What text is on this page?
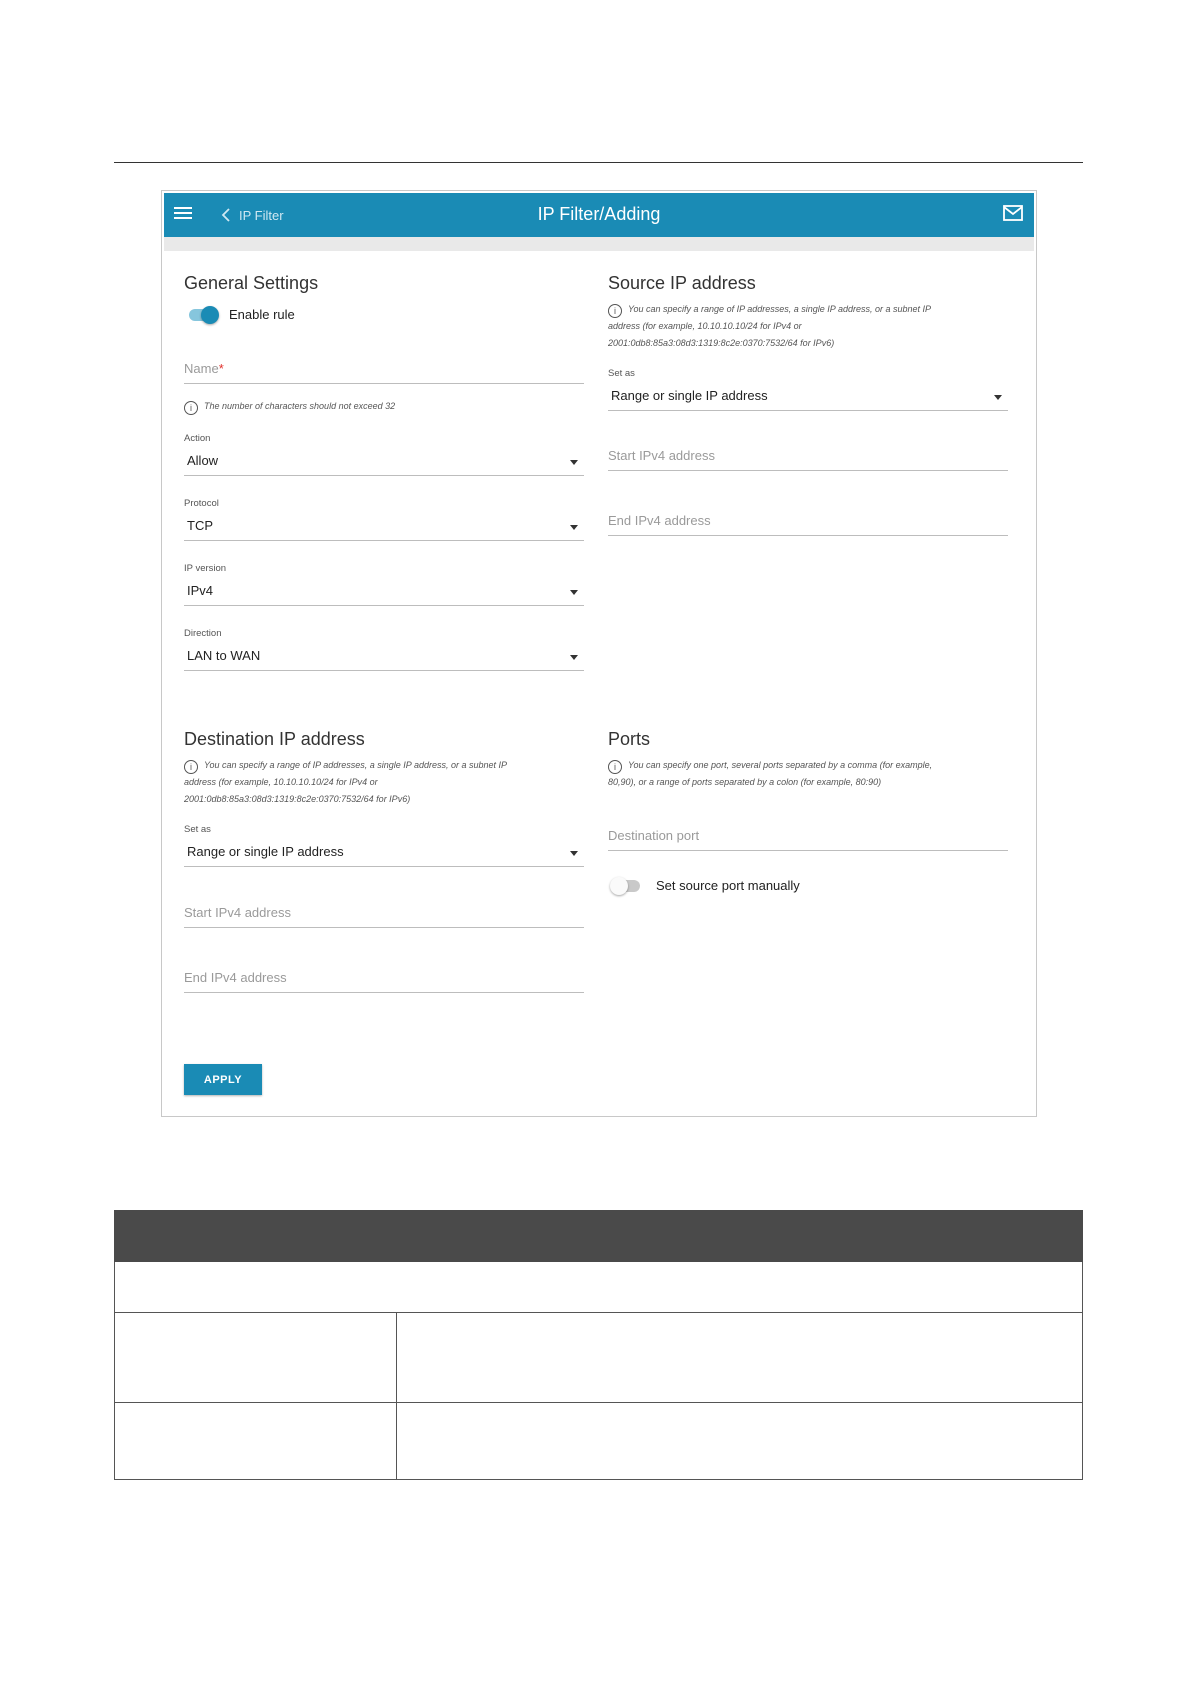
IP Filter	IP Filter/Adding
General Settings
Enable rule
Name*
i The number of characters should not exceed 32
Action
Allow
Protocol
TCP
IP version
IPv4
Direction
LAN to WAN
Source IP address
i You can specify a range of IP addresses, a single IP address, or a subnet IP
address (for example, 10.10.10.10/24 for IPv4 or
2001:0db8:85a3:08d3:1319:8c2e:0370:7532/64 for IPv6)
Set as
Range or single IP address
Start IPv4 address
End IPv4 address
Destination IP address
i You can specify a range of IP addresses, a single IP address, or a subnet IP
address (for example, 10.10.10.10/24 for IPv4 or
2001:0db8:85a3:08d3:1319:8c2e:0370:7532/64 for IPv6)
Set as
Range or single IP address
Start IPv4 address
End IPv4 address
Ports
i You can specify one port, several ports separated by a comma (for example,
80,90), or a range of ports separated by a colon (for example, 80:90)
Destination port
Set source port manually
APPLY
